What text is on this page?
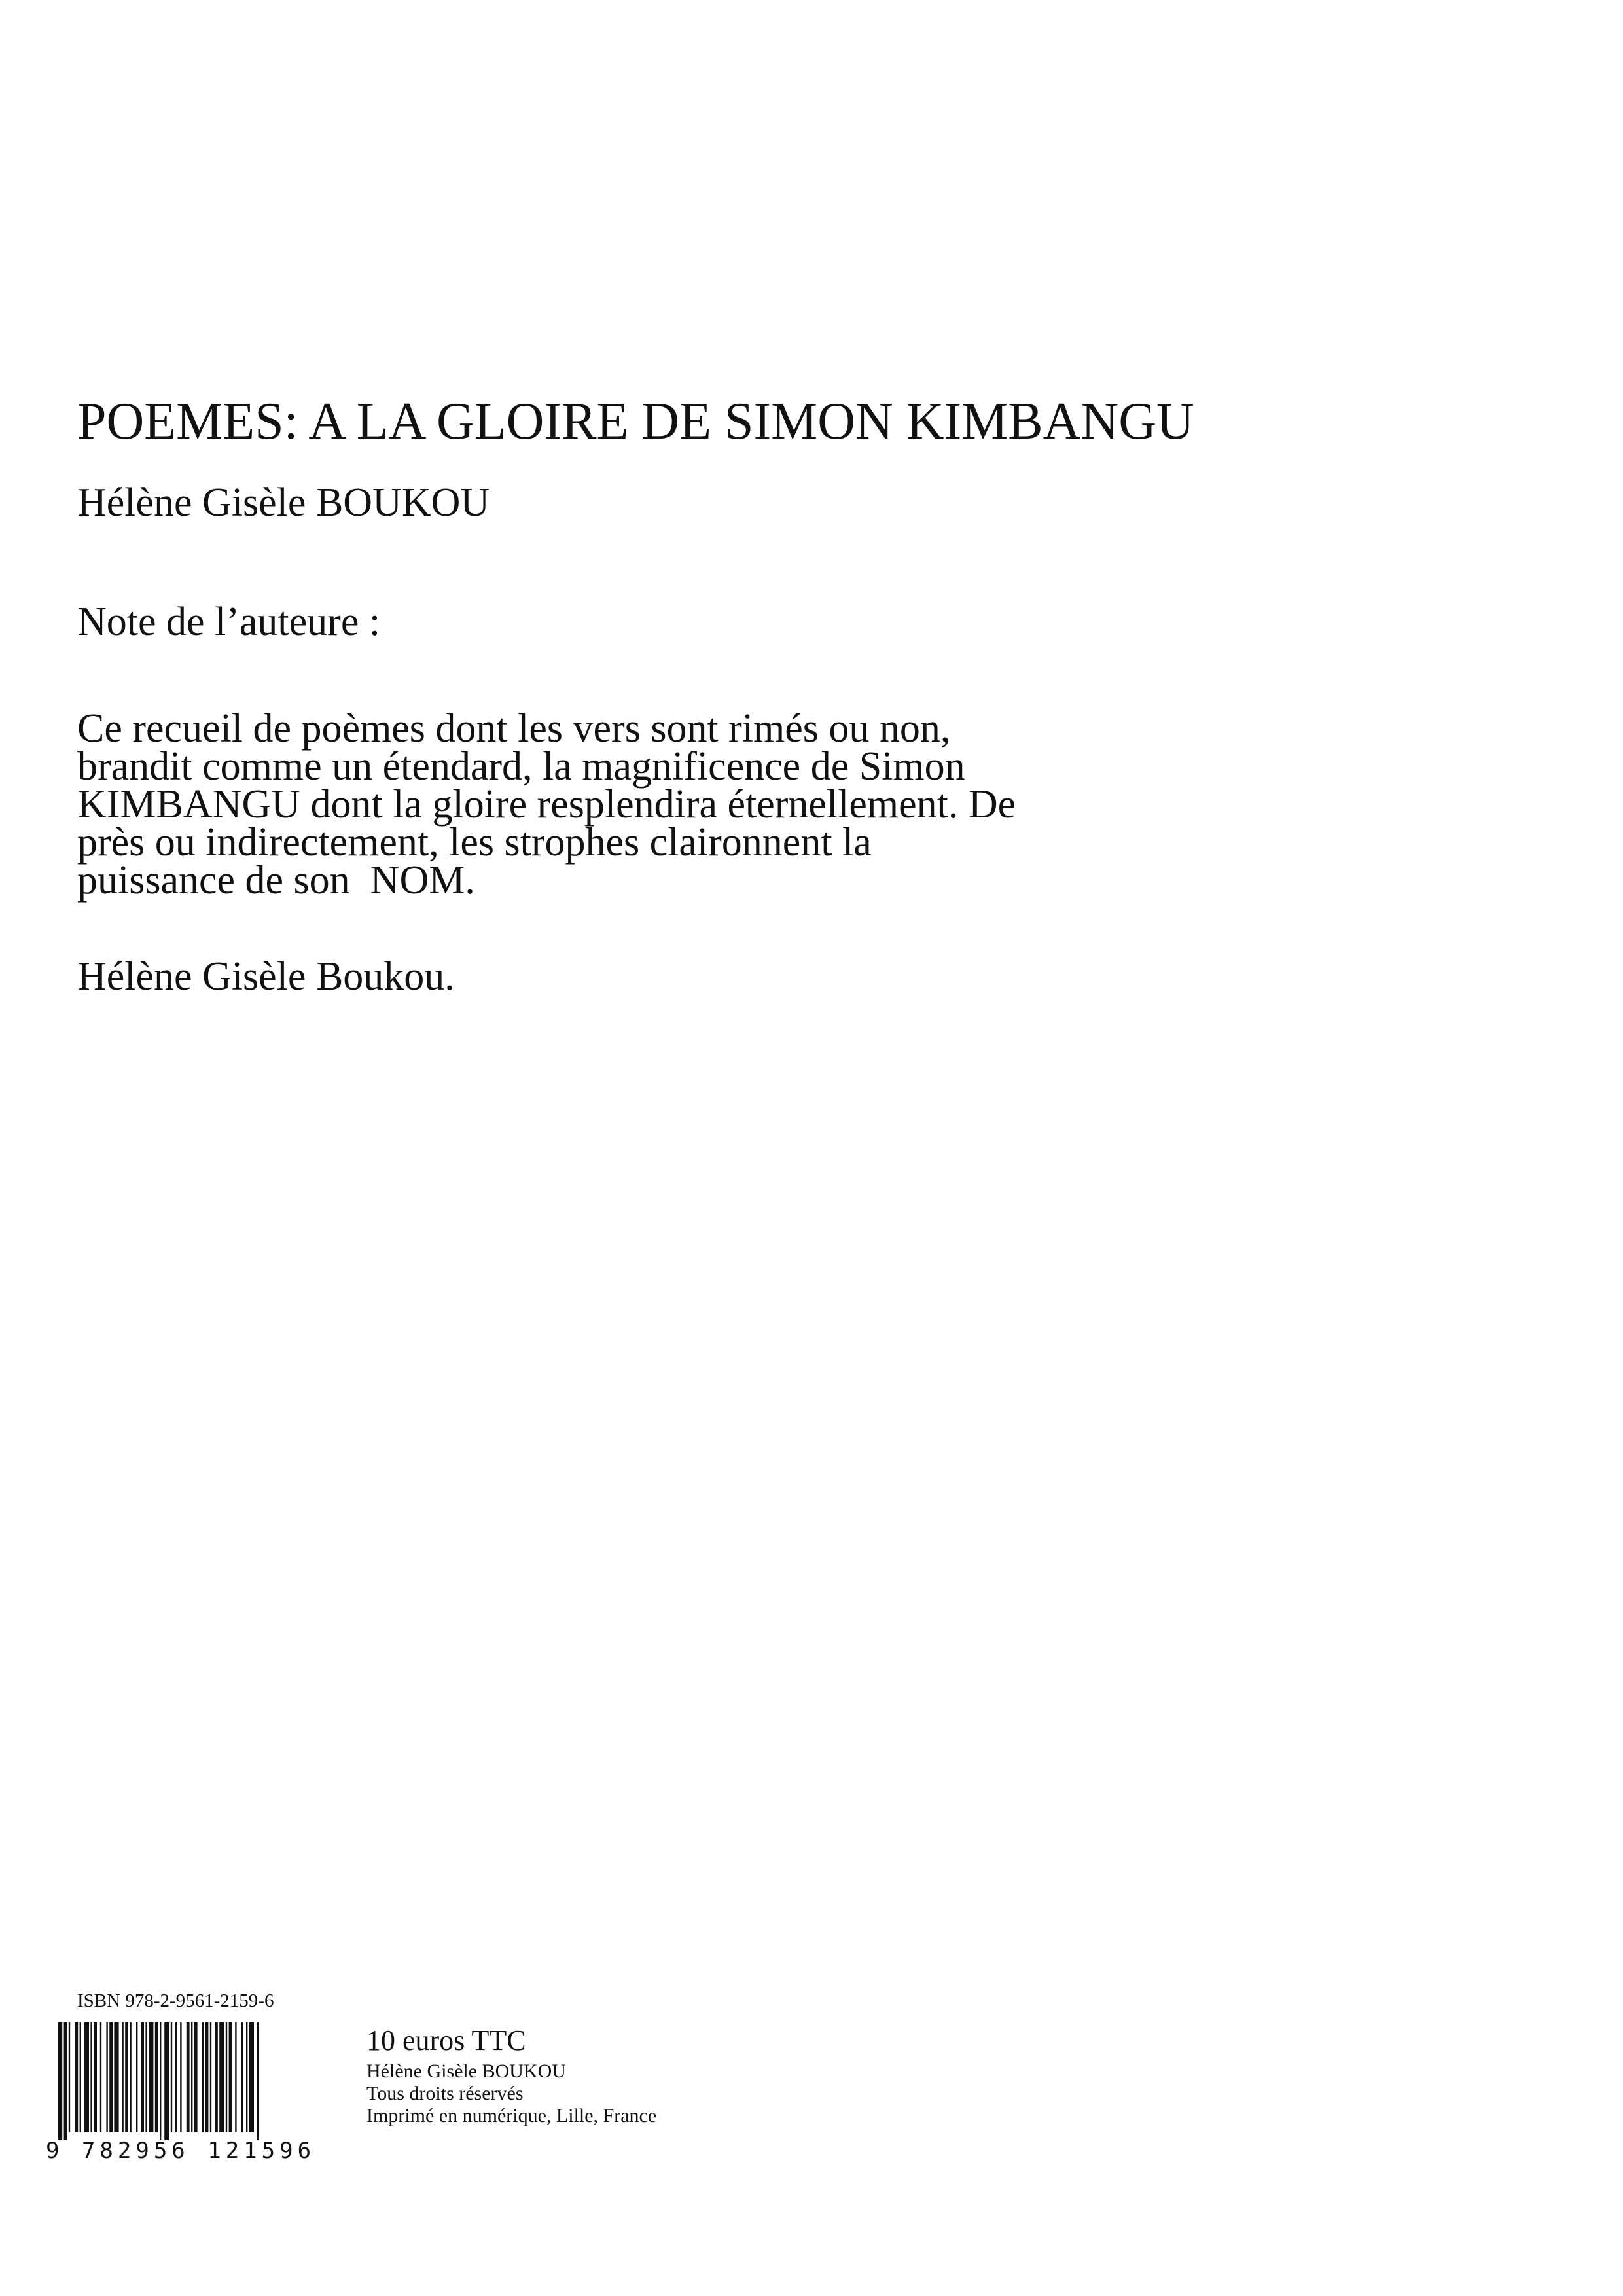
POEMES: A LA GLOIRE DE SIMON KIMBANGU
Hélène Gisèle BOUKOU
Note de l’auteure :
Ce recueil de poèmes dont les vers sont rimés ou non,
brandit comme un étendard, la magnificence de Simon
KIMBANGU dont la gloire resplendira éternellement. De
près ou indirectement, les strophes claironnent la
puissance de son  NOM.
Hélène Gisèle Boukou.
ISBN 978-2-9561-2159-6
9 782956 121596
10 euros TTC
Hélène Gisèle BOUKOU
Tous droits réservés
Imprimé en numérique, Lille, France
